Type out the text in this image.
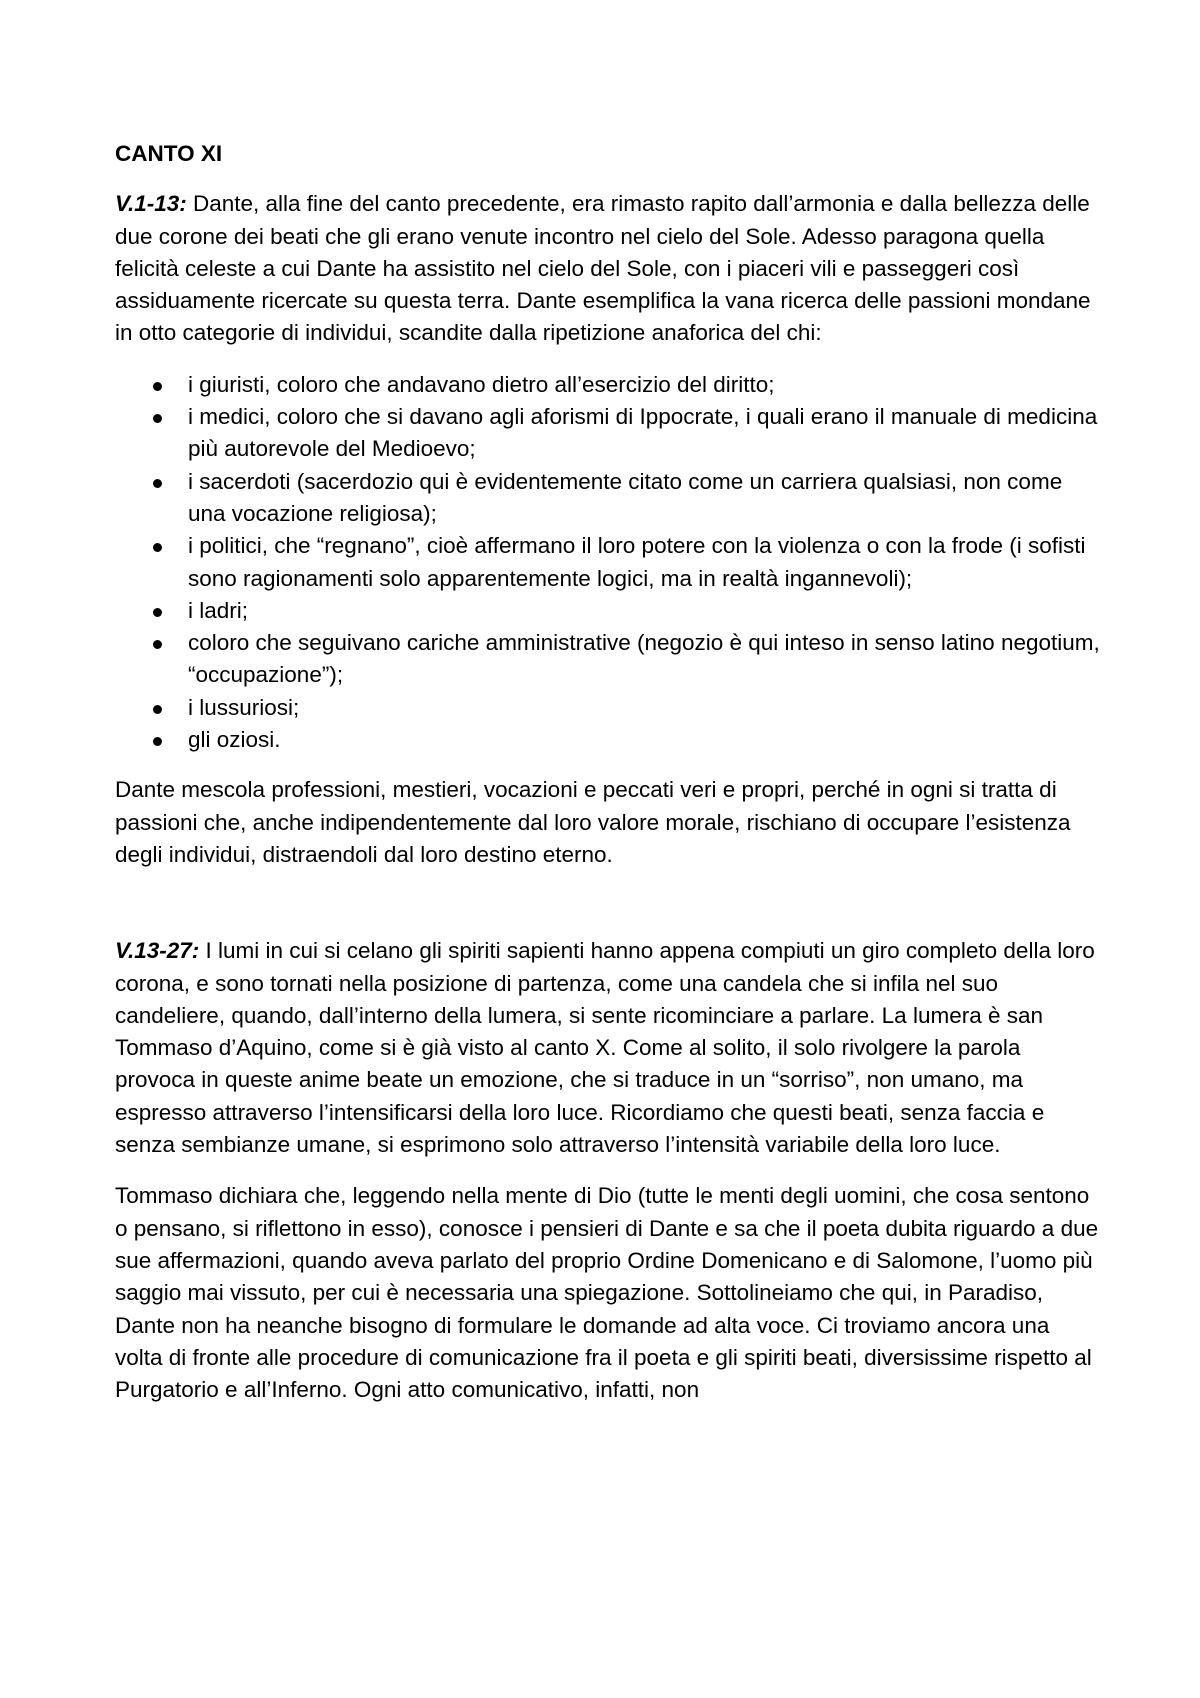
CANTO XI

V.1-13: Dante, alla fine del canto precedente, era rimasto rapito dall’armonia e dalla bellezza delle due corone dei beati che gli erano venute incontro nel cielo del Sole. Adesso paragona quella felicità celeste a cui Dante ha assistito nel cielo del Sole, con i piaceri vili e passeggeri così assiduamente ricercate su questa terra. Dante esemplifica la vana ricerca delle passioni mondane in otto categorie di individui, scandite dalla ripetizione anaforica del chi:

i giuristi, coloro che andavano dietro all’esercizio del diritto;
i medici, coloro che si davano agli aforismi di Ippocrate, i quali erano il manuale di medicina più autorevole del Medioevo;
i sacerdoti (sacerdozio qui è evidentemente citato come un carriera qualsiasi, non come una vocazione religiosa);
i politici, che “regnano”, cioè affermano il loro potere con la violenza o con la frode (i sofisti sono ragionamenti solo apparentemente logici, ma in realtà ingannevoli);
i ladri;
coloro che seguivano cariche amministrative (negozio è qui inteso in senso latino negotium, “occupazione”);
i lussuriosi;
gli oziosi.

Dante mescola professioni, mestieri, vocazioni e peccati veri e propri, perché in ogni si tratta di passioni che, anche indipendentemente dal loro valore morale, rischiano di occupare l’esistenza degli individui, distraendoli dal loro destino eterno.

V.13-27: I lumi in cui si celano gli spiriti sapienti hanno appena compiuti un giro completo della loro corona, e sono tornati nella posizione di partenza, come una candela che si infila nel suo candeliere, quando, dall’interno della lumera, si sente ricominciare a parlare. La lumera è san Tommaso d’Aquino, come si è già visto al canto X. Come al solito, il solo rivolgere la parola provoca in queste anime beate un emozione, che si traduce in un “sorriso”, non umano, ma espresso attraverso l’intensificarsi della loro luce. Ricordiamo che questi beati, senza faccia e senza sembianze umane, si esprimono solo attraverso l’intensità variabile della loro luce.

Tommaso dichiara che, leggendo nella mente di Dio (tutte le menti degli uomini, che cosa sentono o pensano, si riflettono in esso), conosce i pensieri di Dante e sa che il poeta dubita riguardo a due sue affermazioni, quando aveva parlato del proprio Ordine Domenicano e di Salomone, l’uomo più saggio mai vissuto, per cui è necessaria una spiegazione. Sottolineiamo che qui, in Paradiso, Dante non ha neanche bisogno di formulare le domande ad alta voce. Ci troviamo ancora una volta di fronte alle procedure di comunicazione fra il poeta e gli spiriti beati, diversissime rispetto al Purgatorio e all’Inferno. Ogni atto comunicativo, infatti, non
